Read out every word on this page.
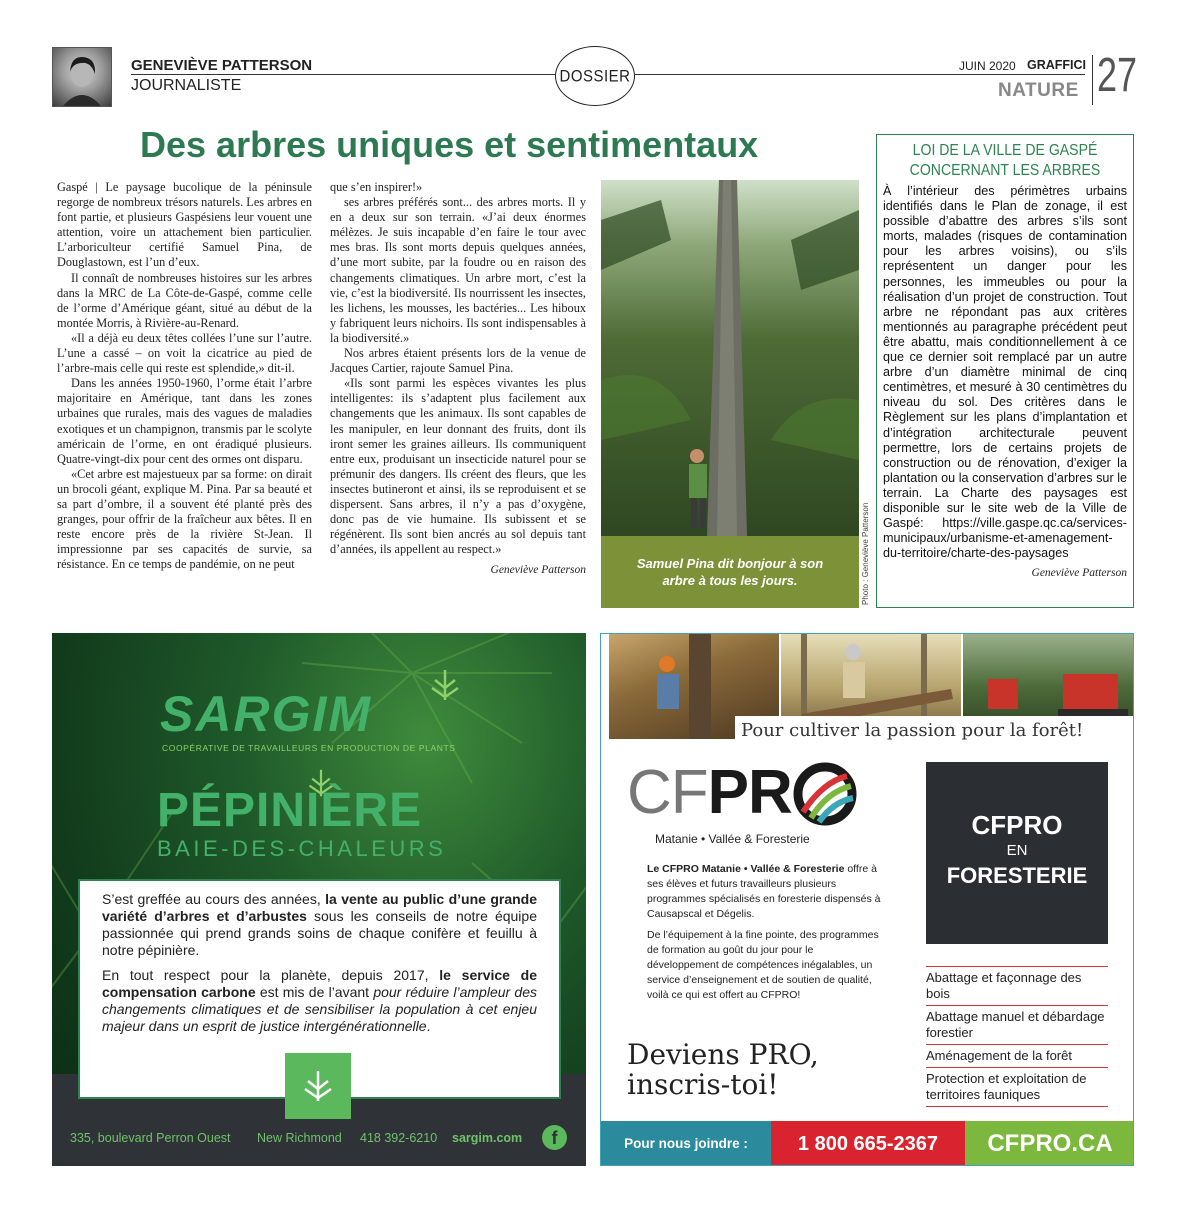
GENEVIÈVE PATTERSON
JOURNALISTE
DOSSIER
JUIN 2020 GRAFFICI
NATURE 27
Des arbres uniques et sentimentaux

Gaspé | Le paysage bucolique de la péninsule regorge de nombreux trésors naturels. Les arbres en font partie, et plusieurs Gaspésiens leur vouent une attention, voire un attachement bien particulier. L’arboriculteur certifié Samuel Pina, de Douglastown, est l’un d’eux.

Il connaît de nombreuses histoires sur les arbres dans la MRC de La Côte-de-Gaspé, comme celle de l’orme d’Amérique géant, situé au début de la montée Morris, à Rivière-au-Renard.

«Il a déjà eu deux têtes collées l’une sur l’autre. L’une a cassé – on voit la cicatrice au pied de l’arbre-mais celle qui reste est splendide,» dit-il.

Dans les années 1950-1960, l’orme était l’arbre majoritaire en Amérique, tant dans les zones urbaines que rurales, mais des vagues de maladies exotiques et un champignon, transmis par le scolyte américain de l’orme, en ont éradiqué plusieurs. Quatre-vingt-dix pour cent des ormes ont disparu.

«Cet arbre est majestueux par sa forme: on dirait un brocoli géant, explique M. Pina. Par sa beauté et sa part d’ombre, il a souvent été planté près des granges, pour offrir de la fraîcheur aux bêtes. Il en reste encore près de la rivière St-Jean. Il impressionne par ses capacités de survie, sa résistance. En ce temps de pandémie, on ne peut

que s’en inspirer!»

ses arbres préférés sont... des arbres morts. Il y en a deux sur son terrain. «J’ai deux énormes mélèzes. Je suis incapable d’en faire le tour avec mes bras. Ils sont morts depuis quelques années, d’une mort subite, par la foudre ou en raison des changements climatiques. Un arbre mort, c’est la vie, c’est la biodiversité. Ils nourrissent les insectes, les lichens, les mousses, les bactéries... Les hiboux y fabriquent leurs nichoirs. Ils sont indispensables à la biodiversité.»

Nos arbres étaient présents lors de la venue de Jacques Cartier, rajoute Samuel Pina.

«Ils sont parmi les espèces vivantes les plus intelligentes: ils s’adaptent plus facilement aux changements que les animaux. Ils sont capables de les manipuler, en leur donnant des fruits, dont ils iront semer les graines ailleurs. Ils communiquent entre eux, produisant un insecticide naturel pour se prémunir des dangers. Ils créent des fleurs, que les insectes butineront et ainsi, ils se reproduisent et se dispersent. Sans arbres, il n’y a pas d’oxygène, donc pas de vie humaine. Ils subissent et se régénèrent. Ils sont bien ancrés au sol depuis tant d’années, ils appellent au respect.»

Geneviève Patterson	Samuel Pina dit bonjour à son arbre à tous les jours.	Photo : Geneviève Patterson
LOI DE LA VILLE DE GASPÉ
CONCERNANT LES ARBRES
À l’intérieur des périmètres urbains identifiés dans le Plan de zonage, il est possible d’abattre des arbres s’ils sont morts, malades (risques de contamination pour les arbres voisins), ou s’ils représentent un danger pour les personnes, les immeubles ou pour la réalisation d’un projet de construction. Tout arbre ne répondant pas aux critères mentionnés au paragraphe précédent peut être abattu, mais conditionnellement à ce que ce dernier soit remplacé par un autre arbre d’un diamètre minimal de cinq centimètres, et mesuré à 30 centimètres du niveau du sol. Des critères dans le Règlement sur les plans d’implantation et d’intégration architecturale peuvent permettre, lors de certains projets de construction ou de rénovation, d’exiger la plantation ou la conservation d’arbres sur le terrain. La Charte des paysages est disponible sur le site web de la Ville de Gaspé: https://ville.gaspe.qc.ca/services-municipaux/urbanisme-et-amenagement-du-territoire/charte-des-paysages
Geneviève Patterson
SARGIM
COOPÉRATIVE DE TRAVAILLEURS EN PRODUCTION DE PLANTS
PÉPINIÈRE
BAIE-DES-CHALEURS

S’est greffée au cours des années, la vente au public d’une grande variété d’arbres et d’arbustes sous les conseils de notre équipe passionnée qui prend grands soins de chaque conifère et feuillu à notre pépinière.

En tout respect pour la planète, depuis 2017, le service de compensation carbone est mis de l’avant pour réduire l’ampleur des changements climatiques et de sensibiliser la population à cet enjeu majeur dans un esprit de justice intergénérationnelle.

335, boulevard Perron Ouest New Richmond 418 392-6210 sargim.com	f
Pour cultiver la passion pour la forêt!
CFPR
Matanie • Vallée & Foresterie

Le CFPRO Matanie • Vallée & Foresterie offre à ses élèves et futurs travailleurs plusieurs programmes spécialisés en foresterie dispensés à Causapscal et Dégelis.

De l’équipement à la fine pointe, des programmes de formation au goût du jour pour le développement de compétences inégalables, un service d’enseignement et de soutien de qualité, voilà ce qui est offert au CFPRO!

Deviens PRO,
inscris-toi!
CFPRO
EN
FORESTERIE
Abattage et façonnage des bois
Abattage manuel et débardage forestier
Aménagement de la forêt
Protection et exploitation de territoires fauniques
Pour nous joindre :	1 800 665-2367	CFPRO.CA
